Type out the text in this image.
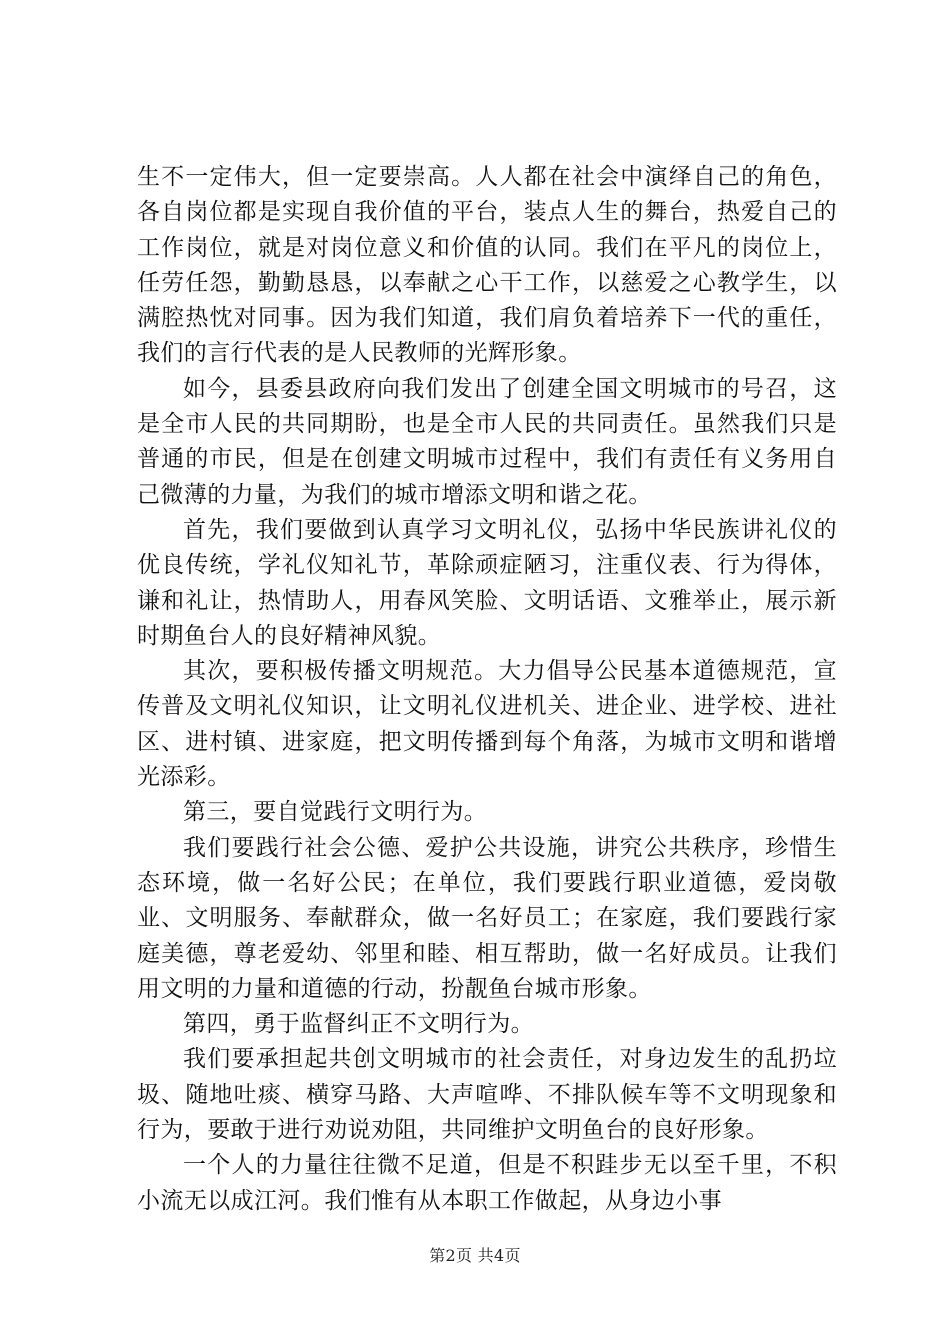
生不一定伟大，但一定要崇高。人人都在社会中演绎自己的角色，各自岗位都是实现自我价值的平台，装点人生的舞台，热爱自己的工作岗位，就是对岗位意义和价值的认同。我们在平凡的岗位上，任劳任怨，勤勤恳恳，以奉献之心干工作，以慈爱之心教学生，以满腔热忱对同事。因为我们知道，我们肩负着培养下一代的重任，我们的言行代表的是人民教师的光辉形象。

如今，县委县政府向我们发出了创建全国文明城市的号召，这是全市人民的共同期盼，也是全市人民的共同责任。虽然我们只是普通的市民，但是在创建文明城市过程中，我们有责任有义务用自己微薄的力量，为我们的城市增添文明和谐之花。

首先，我们要做到认真学习文明礼仪，弘扬中华民族讲礼仪的优良传统，学礼仪知礼节，革除顽症陋习，注重仪表、行为得体，谦和礼让，热情助人，用春风笑脸、文明话语、文雅举止，展示新时期鱼台人的良好精神风貌。

其次，要积极传播文明规范。大力倡导公民基本道德规范，宣传普及文明礼仪知识，让文明礼仪进机关、进企业、进学校、进社区、进村镇、进家庭，把文明传播到每个角落，为城市文明和谐增光添彩。

第三，要自觉践行文明行为。

我们要践行社会公德、爱护公共设施，讲究公共秩序，珍惜生态环境，做一名好公民；在单位，我们要践行职业道德，爱岗敬业、文明服务、奉献群众，做一名好员工；在家庭，我们要践行家庭美德，尊老爱幼、邻里和睦、相互帮助，做一名好成员。让我们用文明的力量和道德的行动，扮靓鱼台城市形象。

第四，勇于监督纠正不文明行为。

我们要承担起共创文明城市的社会责任，对身边发生的乱扔垃圾、随地吐痰、横穿马路、大声喧哗、不排队候车等不文明现象和行为，要敢于进行劝说劝阻，共同维护文明鱼台的良好形象。

一个人的力量往往微不足道，但是不积跬步无以至千里，不积小流无以成江河。我们惟有从本职工作做起，从身边小事

第2页 共4页
